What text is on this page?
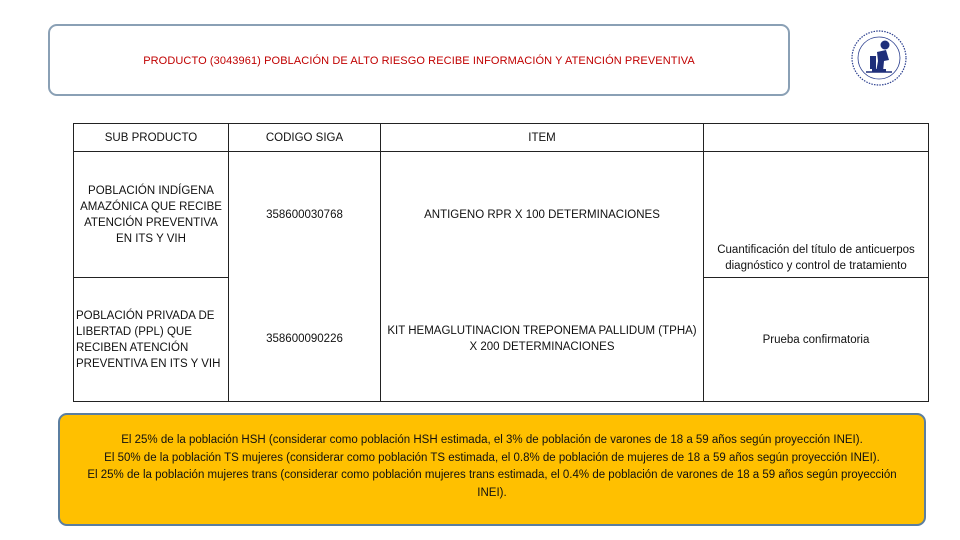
PRODUCTO (3043961) POBLACIÓN DE ALTO RIESGO RECIBE INFORMACIÓN Y ATENCIÓN PREVENTIVA
SUB PRODUCTO	CODIGO SIGA	ITEM	
POBLACIÓN INDÍGENA AMAZÓNICA QUE RECIBE ATENCIÓN PREVENTIVA EN ITS Y VIH	358600030768	ANTIGENO RPR X 100 DETERMINACIONES	Cuantificación del título de anticuerpos diagnóstico y control de tratamiento
POBLACIÓN PRIVADA DE LIBERTAD (PPL) QUE RECIBEN ATENCIÓN PREVENTIVA EN ITS Y VIH	358600090226	KIT HEMAGLUTINACION TREPONEMA PALLIDUM (TPHA) X 200 DETERMINACIONES	Prueba confirmatoria
El 25% de la población HSH (considerar como población HSH estimada, el 3% de población de varones de 18 a 59 años según proyección INEI).
El 50% de la población TS mujeres (considerar como población TS estimada, el 0.8% de población de mujeres de 18 a 59 años según proyección INEI).
El 25% de la población mujeres trans (considerar como población mujeres trans estimada, el 0.4% de población de varones de 18 a 59 años según proyección INEI).
